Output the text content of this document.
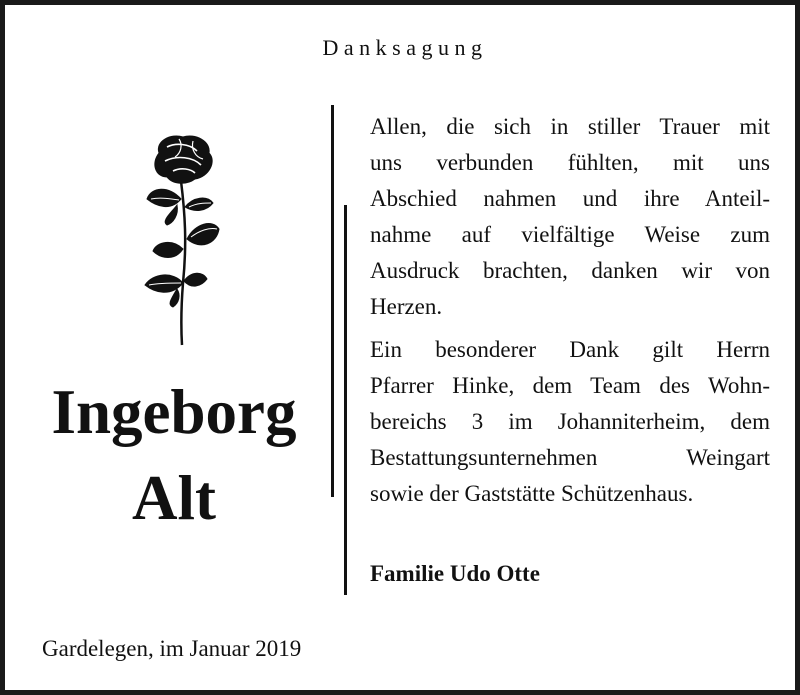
Danksagung
Ingeborg
Alt
Allen, die sich in stiller Trauer mit
uns verbunden fühlten, mit uns
Abschied nahmen und ihre Anteil-
nahme auf vielfältige Weise zum
Ausdruck brachten, danken wir von
Herzen.
Ein besonderer Dank gilt Herrn
Pfarrer Hinke, dem Team des Wohn-
bereichs 3 im Johanniterheim, dem
Bestattungsunternehmen Weingart
sowie der Gaststätte Schützenhaus.
Familie Udo Otte
Gardelegen, im Januar 2019
